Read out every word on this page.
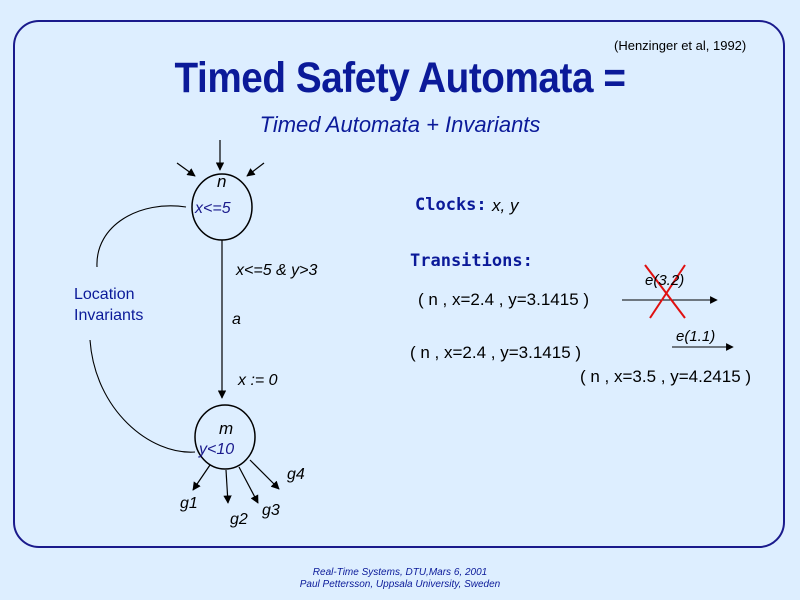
(Henzinger et al, 1992)
Timed Safety Automata =
Timed Automata + Invariants
n
x<=5
x<=5 & y>3
a
x := 0
m
y<10
g1
g2
g3
g4
Location
Invariants
Clocks: x, y
Transitions:
( n , x=2.4 , y=3.1415 )
e(3.2)
( n , x=2.4 , y=3.1415 )
e(1.1)
( n , x=3.5 , y=4.2415 )
Real-Time Systems, DTU,Mars 6, 2001
Paul Pettersson, Uppsala University, Sweden
